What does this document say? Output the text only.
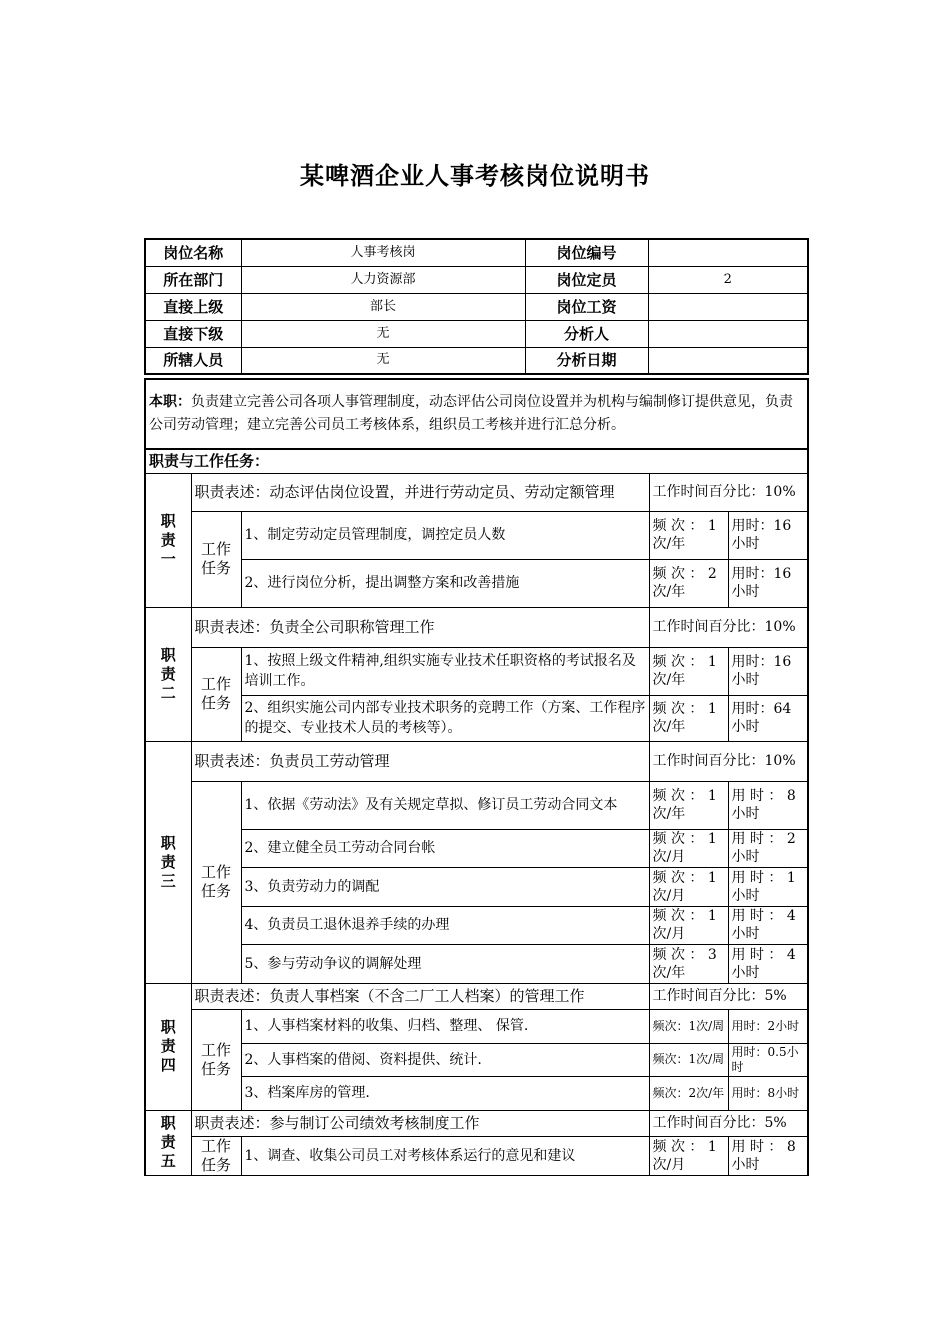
某啤酒企业人事考核岗位说明书
岗位名称	人事考核岗	岗位编号	
所在部门	人力资源部	岗位定员	2
直接上级	部长	岗位工资	
直接下级	无	分析人	
所辖人员	无	分析日期	
本职：负责建立完善公司各项人事管理制度，动态评估公司岗位设置并为机构与编制修订提供意见，负责公司劳动管理；建立完善公司员工考核体系，组织员工考核并进行汇总分析。				
职责与工作任务：				

职
责
一	职责表述：动态评估岗位设置，并进行劳动定员、劳动定额管理		工作时间百分比：10%	
	工作任务	1、制定劳动定员管理制度，调控定员人数	频 次 ： 1次/年	用时：16小时
		2、进行岗位分析，提出调整方案和改善措施	频 次 ： 2次/年	用时：16小时

职
责
二	职责表述：负责全公司职称管理工作		工作时间百分比：10%	
	工作任务	1、按照上级文件精神,组织实施专业技术任职资格的考试报名及培训工作。	频 次 ： 1次/年	用时：16小时
		2、组织实施公司内部专业技术职务的竞聘工作（方案、工作程序的提交、专业技术人员的考核等）。	频 次 ： 1次/年	用时：64小时

职
责
三	职责表述：负责员工劳动管理		工作时间百分比：10%	
	工作任务	1、依据《劳动法》及有关规定草拟、修订员工劳动合同文本	频 次 ： 1次/年	用 时 ： 8小时
		2、建立健全员工劳动合同台帐	频 次 ： 1次/月	用 时 ： 2小时
		3、负责劳动力的调配	频 次 ： 1次/月	用 时 ： 1小时
		4、负责员工退休退养手续的办理	频 次 ： 1次/月	用 时 ： 4小时
		5、参与劳动争议的调解处理	频 次 ： 3次/年	用 时 ： 4小时

职
责
四	职责表述：负责人事档案（不含二厂工人档案）的管理工作		工作时间百分比：5%	
	工作任务	1、人事档案材料的收集、归档、整理、 保管.	频次：1次/周	用时：2小时
		2、人事档案的借阅、资料提供、统计.	频次：1次/周	用时：0.5小时
		3、档案库房的管理.	频次：2次/年	用时：8小时

职
责
五	职责表述：参与制订公司绩效考核制度工作		工作时间百分比：5%	
	工作任务	1、调查、收集公司员工对考核体系运行的意见和建议	频 次 ： 1次/月	用 时 ： 8小时
